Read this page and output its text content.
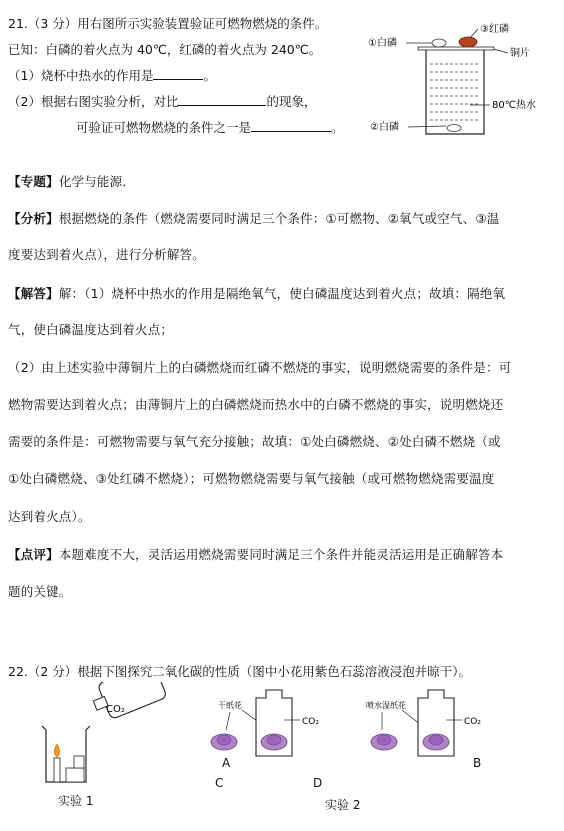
21.（3 分）用右图所示实验装置验证可燃物燃烧的条件。
已知：白磷的着火点为 40℃，红磷的着火点为 240℃。
（1）烧杯中热水的作用是	。
（2）根据右图实验分析，对比	的现象，
可验证可燃物燃烧的条件之一是	。
①白磷
③红磷
铜片
80℃热水
②白磷
【专题】化学与能源．
【分析】根据燃烧的条件（燃烧需要同时满足三个条件：①可燃物、②氧气或空气、③温
度要达到着火点），进行分析解答。
【解答】解：（1）烧杯中热水的作用是隔绝氧气，使白磷温度达到着火点；故填：隔绝氧
气，使白磷温度达到着火点；
（2）由上述实验中薄铜片上的白磷燃烧而红磷不燃烧的事实，说明燃烧需要的条件是：可
燃物需要达到着火点；由薄铜片上的白磷燃烧而热水中的白磷不燃烧的事实，说明燃烧还
需要的条件是：可燃物需要与氧气充分接触；故填：①处白磷燃烧、②处白磷不燃烧（或
①处白磷燃烧、③处红磷不燃烧）；可燃物燃烧需要与氧气接触（或可燃物燃烧需要温度
达到着火点）。
【点评】本题难度不大，灵活运用燃烧需要同时满足三个条件并能灵活运用是正确解答本
题的关键。
22.（2 分）根据下图探究二氧化碳的性质（图中小花用紫色石蕊溶液浸泡并晾干）。
CO₂
实验 1
干纸花
CO₂
喷水湿纸花
CO₂
A	B
C	D
实验 2
